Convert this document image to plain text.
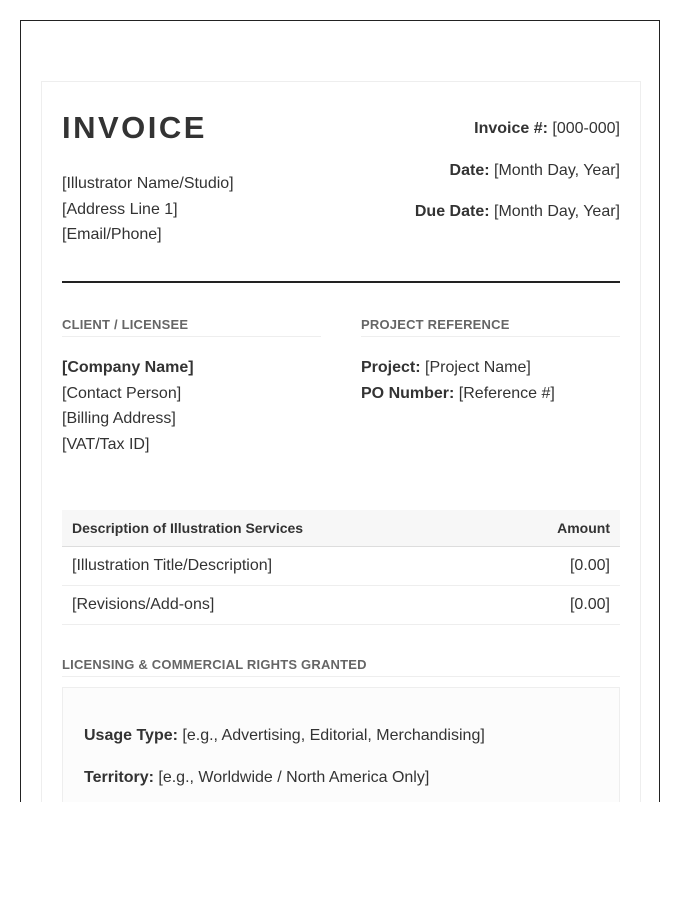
INVOICE
[Illustrator Name/Studio]
[Address Line 1]
[Email/Phone]
Invoice #: [000-000]
Date: [Month Day, Year]
Due Date: [Month Day, Year]
CLIENT / LICENSEE
[Company Name]
[Contact Person]
[Billing Address]
[VAT/Tax ID]
PROJECT REFERENCE
Project: [Project Name]
PO Number: [Reference #]
Description of Illustration Services	Amount
[Illustration Title/Description]	[0.00]
[Revisions/Add-ons]	[0.00]
LICENSING & COMMERCIAL RIGHTS GRANTED
Usage Type: [e.g., Advertising, Editorial, Merchandising]
Territory: [e.g., Worldwide / North America Only]
